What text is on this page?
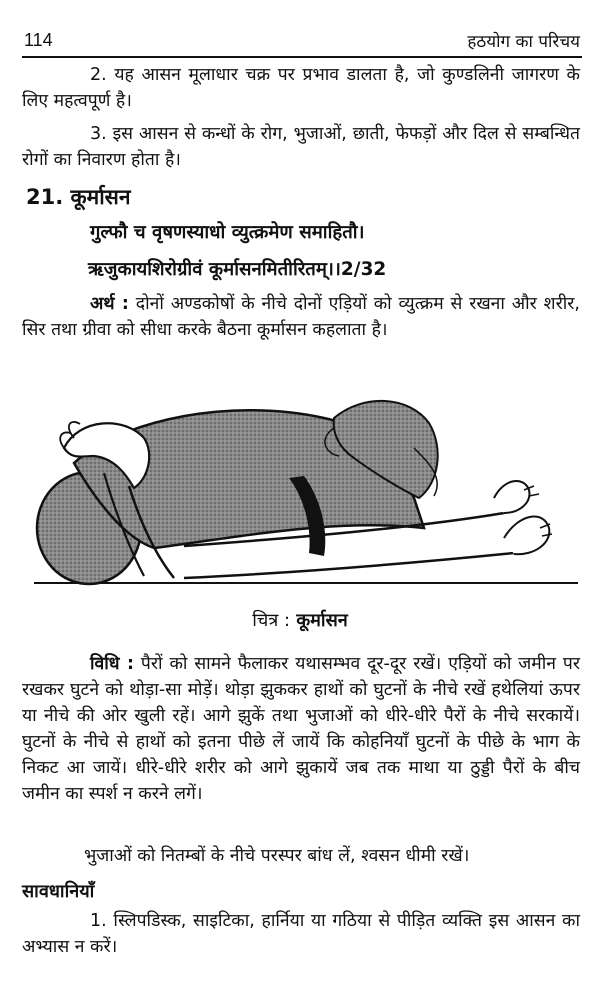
114	हठयोग का परिचय
2. यह आसन मूलाधार चक्र पर प्रभाव डालता है, जो कुण्डलिनी जागरण के लिए महत्वपूर्ण है।
3. इस आसन से कन्धों के रोग, भुजाओं, छाती, फेफड़ों और दिल से सम्बन्धित रोगों का निवारण होता है।
21. कूर्मासन
गुल्फौ च वृषणस्याधो व्युत्क्रमेण समाहितौ।
ऋजुकायशिरोग्रीवं कूर्मासनमितीरितम्।।2/32
अर्थ : दोनों अण्डकोषों के नीचे दोनों एड़ियों को व्युत्क्रम से रखना और शरीर, सिर तथा ग्रीवा को सीधा करके बैठना कूर्मासन कहलाता है।
चित्र : कूर्मासन
विधि : पैरों को सामने फैलाकर यथासम्भव दूर-दूर रखें। एड़ियों को जमीन पर रखकर घुटने को थोड़ा-सा मोड़ें। थोड़ा झुककर हाथों को घुटनों के नीचे रखें हथेलियां ऊपर या नीचे की ओर खुली रहें। आगे झुकें तथा भुजाओं को धीरे-धीरे पैरों के नीचे सरकायें। घुटनों के नीचे से हाथों को इतना पीछे लें जायें कि कोहनियाँ घुटनों के पीछे के भाग के निकट आ जायें। धीरे-धीरे शरीर को आगे झुकायें जब तक माथा या ठुड्डी पैरों के बीच जमीन का स्पर्श न करने लगें।
भुजाओं को नितम्बों के नीचे परस्पर बांध लें, श्वसन धीमी रखें।
सावधानियाँ
1. स्लिपडिस्क, साइटिका, हार्निया या गठिया से पीड़ित व्यक्ति इस आसन का अभ्यास न करें।
